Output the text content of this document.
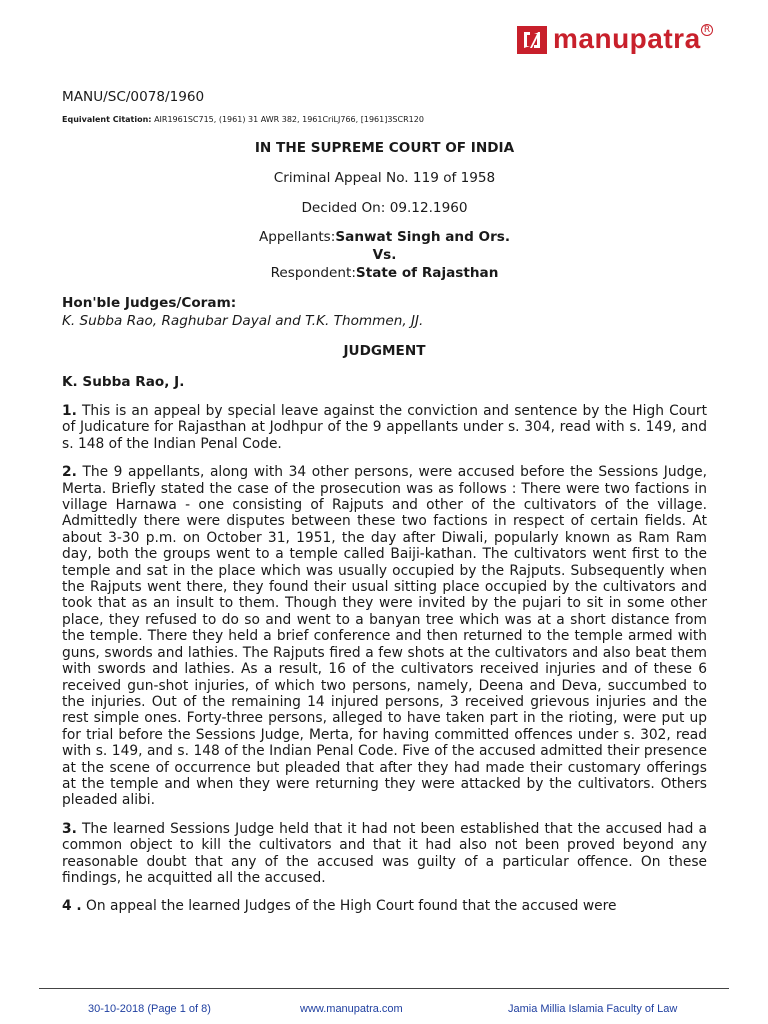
manupatra R
MANU/SC/0078/1960
Equivalent Citation: AIR1961SC715, (1961) 31 AWR 382, 1961CriLJ766, [1961]3SCR120
IN THE SUPREME COURT OF INDIA
Criminal Appeal No. 119 of 1958
Decided On: 09.12.1960
Appellants:Sanwat Singh and Ors.
Vs.
Respondent:State of Rajasthan
Hon'ble Judges/Coram:
K. Subba Rao, Raghubar Dayal and T.K. Thommen, JJ.
JUDGMENT
K. Subba Rao, J.

1. This is an appeal by special leave against the conviction and sentence by the High Court of Judicature for Rajasthan at Jodhpur of the 9 appellants under s. 304, read with s. 149, and s. 148 of the Indian Penal Code.

2. The 9 appellants, along with 34 other persons, were accused before the Sessions Judge, Merta. Briefly stated the case of the prosecution was as follows : There were two factions in village Harnawa - one consisting of Rajputs and other of the cultivators of the village. Admittedly there were disputes between these two factions in respect of certain fields. At about 3-30 p.m. on October 31, 1951, the day after Diwali, popularly known as Ram Ram day, both the groups went to a temple called Baiji-kathan. The cultivators went first to the temple and sat in the place which was usually occupied by the Rajputs. Subsequently when the Rajputs went there, they found their usual sitting place occupied by the cultivators and took that as an insult to them. Though they were invited by the pujari to sit in some other place, they refused to do so and went to a banyan tree which was at a short distance from the temple. There they held a brief conference and then returned to the temple armed with guns, swords and lathies. The Rajputs fired a few shots at the cultivators and also beat them with swords and lathies. As a result, 16 of the cultivators received injuries and of these 6 received gun-shot injuries, of which two persons, namely, Deena and Deva, succumbed to the injuries. Out of the remaining 14 injured persons, 3 received grievous injuries and the rest simple ones. Forty-three persons, alleged to have taken part in the rioting, were put up for trial before the Sessions Judge, Merta, for having committed offences under s. 302, read with s. 149, and s. 148 of the Indian Penal Code. Five of the accused admitted their presence at the scene of occurrence but pleaded that after they had made their customary offerings at the temple and when they were returning they were attacked by the cultivators. Others pleaded alibi.

3. The learned Sessions Judge held that it had not been established that the accused had a common object to kill the cultivators and that it had also not been proved beyond any reasonable doubt that any of the accused was guilty of a particular offence. On these findings, he acquitted all the accused.

4 . On appeal the learned Judges of the High Court found that the accused were

30-10-2018 (Page 1 of 8)	www.manupatra.com	Jamia Millia Islamia Faculty of Law
